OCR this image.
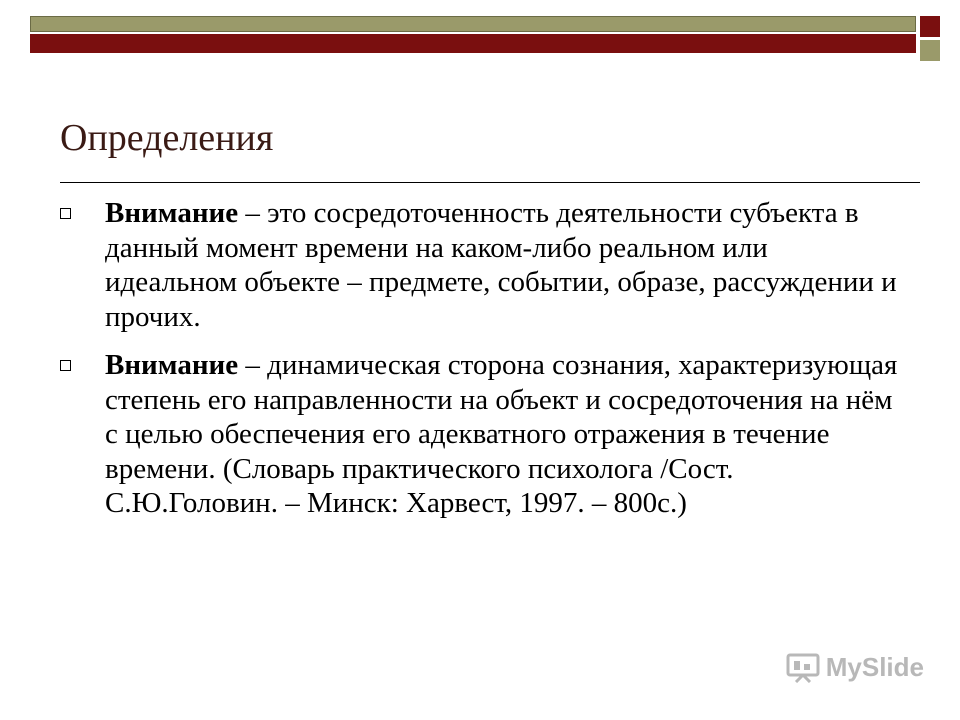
Определения
Внимание – это сосредоточенность деятельности субъекта в данный момент времени на каком-либо реальном или идеальном объекте – предмете, событии, образе, рассуждении и прочих.
Внимание – динамическая сторона сознания, характеризующая степень его направленности на объект и сосредоточения на нём с целью обеспечения его адекватного отражения в течение времени. (Словарь практического психолога /Сост. С.Ю.Головин. – Минск: Харвест, 1997. – 800с.)
MySlide
